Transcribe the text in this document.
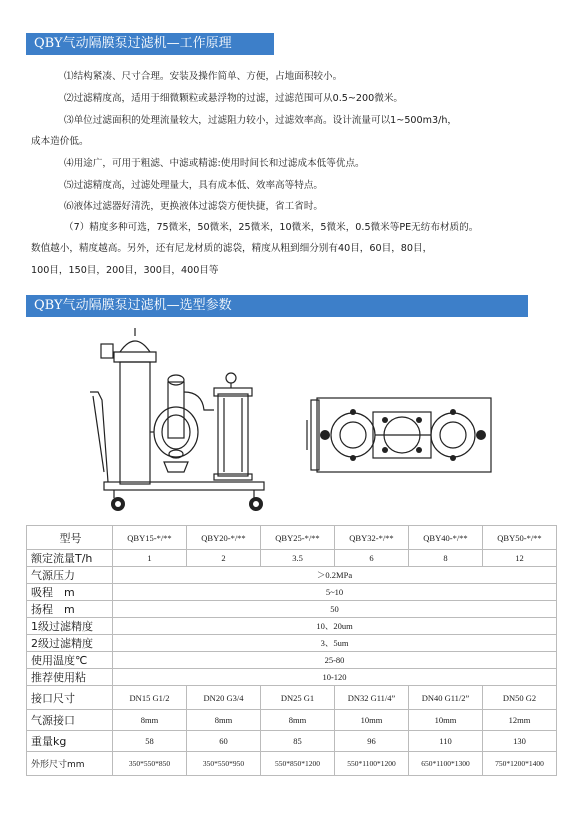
QBY气动隔膜泵过滤机—工作原理
⑴结构紧凑、尺寸合理。安装及操作简单、方便，占地面积较小。
⑵过滤精度高，适用于细微颗粒或悬浮物的过滤，过滤范围可从0.5~200微米。
⑶单位过滤面积的处理流量较大，过滤阻力较小，过滤效率高。设计流量可以1~500m3/h，
成本造价低。
⑷用途广，可用于粗滤、中滤或精滤:使用时间长和过滤成本低等优点。
⑸过滤精度高，过滤处理量大，具有成本低、效率高等特点。
⑹液体过滤器好清洗，更换液体过滤袋方便快捷，省工省时。
（7）精度多种可选，75微米，50微米，25微米，10微米，5微米，0.5微米等PE无纺布材质的。
数值越小，精度越高。另外，还有尼龙材质的滤袋，精度从粗到细分别有40目，60目，80目，
100目，150目，200目，300目，400目等
QBY气动隔膜泵过滤机—选型参数
型号	QBY15-*/**	QBY20-*/**	QBY25-*/**	QBY32-*/**	QBY40-*/**	QBY50-*/**
额定流量T/h	1	2	3.5	6	8	12
气源压力	＞0.2MPa					
吸程　m	5~10					
扬程　m	50					
1级过滤精度	10、20um					
2级过滤精度	3、5um					
使用温度℃	25-80					
推荐使用粘	10-120					
接口尺寸	DN15 G1/2	DN20 G3/4	DN25 G1	DN32 G11/4”	DN40 G11/2”	DN50 G2
气源接口	8mm	8mm	8mm	10mm	10mm	12mm
重量kg	58	60	85	96	110	130
外形尺寸mm	350*550*850	350*550*950	550*850*1200	550*1100*1200	650*1100*1300	750*1200*1400
